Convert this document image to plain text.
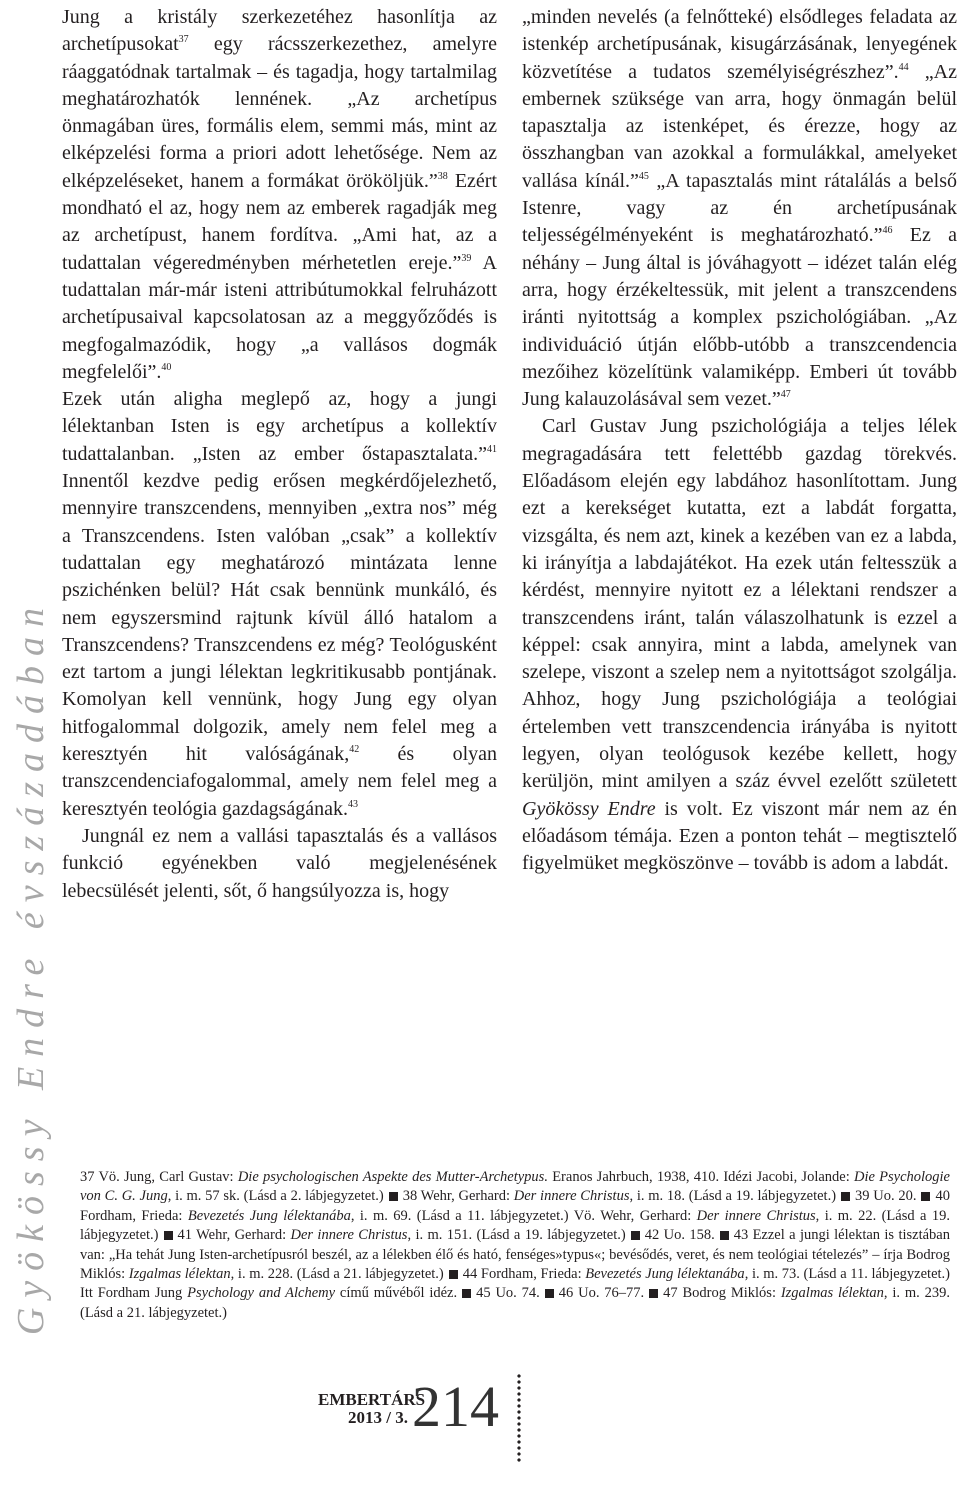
Gyökössy Endre évszázadában

Jung a kristály szerkezetéhez hasonlítja az archetípusokat$^{37}$ egy rácsszerkezethez, amelyre ráaggatódnak tartalmak – és tagadja, hogy tartalmilag meghatározhatók lennének. „Az archetípus önmagában üres, formális elem, semmi más, mint az elképzelési forma a priori adott lehetősége. Nem az elképzeléseket, hanem a formákat örököljük.”$^{38}$ Ezért mondható el az, hogy nem az emberek ragadják meg az archetípust, hanem fordítva. „Ami hat, az a tudattalan végeredményben mérhetetlen ereje.”$^{39}$ A tudattalan már-már isteni attribútumokkal felruházott archetípusaival kapcsolatosan az a meggyőződés is megfogalmazódik, hogy „a vallásos dogmák megfelelői”.$^{40}$

Ezek után aligha meglepő az, hogy a jungi lélektanban Isten is egy archetípus a kollektív tudattalanban. „Isten az ember őstapasztalata.”$^{41}$ Innentől kezdve pedig erősen megkérdőjelezhető, mennyire transzcendens, mennyiben „extra nos” még a Transzcendens. Isten valóban „csak” a kollektív tudattalan egy meghatározó mintázata lenne pszichénken belül? Hát csak bennünk munkáló, és nem egyszersmind rajtunk kívül álló hatalom a Transzcendens? Transzcendens ez még? Teológusként ezt tartom a jungi lélektan legkritikusabb pontjának. Komolyan kell vennünk, hogy Jung egy olyan hitfogalommal dolgozik, amely nem felel meg a keresztyén hit valóságának,$^{42}$ és olyan transzcendenciafogalommal, amely nem felel meg a keresztyén teológia gazdagságának.$^{43}$

Jungnál ez nem a vallási tapasztalás és a vallásos funkció egyénekben való megjelenésének lebecsülését jelenti, sőt, ő hangsúlyozza is, hogy

„minden nevelés (a felnőtteké) elsődleges feladata az istenkép archetípusának, kisugárzásának, lenyegének közvetítése a tudatos személyiségrészhez”.$^{44}$ „Az embernek szüksége van arra, hogy önmagán belül tapasztalja az istenképet, és érezze, hogy az összhangban van azokkal a formulákkal, amelyeket vallása kínál.”$^{45}$ „A tapasztalás mint rátalálás a belső Istenre, vagy az én archetípusának teljességélményeként is meghatározható.”$^{46}$ Ez a néhány – Jung által is jóváhagyott – idézet talán elég arra, hogy érzékeltessük, mit jelent a transzcendens iránti nyitottság a komplex pszichológiában. „Az individuáció útján előbb-utóbb a transzcendencia mezőihez közelítünk valamiképp. Emberi út tovább Jung kalauzolásával sem vezet.”$^{47}$

Carl Gustav Jung pszichológiája a teljes lélek megragadására tett felettébb gazdag törekvés. Előadásom elején egy labdához hasonlítottam. Jung ezt a kerekséget kutatta, ezt a labdát forgatta, vizsgálta, és nem azt, kinek a kezében van ez a labda, ki irányítja a labdajátékot. Ha ezek után feltesszük a kérdést, mennyire nyitott ez a lélektani rendszer a transzcendens iránt, talán válaszolhatunk is ezzel a képpel: csak annyira, mint a labda, amelynek van szelepe, viszont a szelep nem a nyitottságot szolgálja. Ahhoz, hogy Jung pszichológiája a teológiai értelemben vett transzcendencia irányába is nyitott legyen, olyan teológusok kezébe kellett, hogy kerüljön, mint amilyen a száz évvel ezelőtt született Gyökössy Endre is volt. Ez viszont már nem az én előadásom témája. Ezen a ponton tehát – megtisztelő figyelmüket megköszönve – tovább is adom a labdát.

37 Vö. Jung, Carl Gustav: Die psychologischen Aspekte des Mutter-Archetypus. Eranos Jahrbuch, 1938, 410. Idézi Jacobi, Jolande: Die Psychologie von C. G. Jung, i. m. 57 sk. (Lásd a 2. lábjegyzetet.) 38 Wehr, Gerhard: Der innere Christus, i. m. 18. (Lásd a 19. lábjegyzetet.) 39 Uo. 20. 40 Fordham, Frieda: Bevezetés Jung lélektanába, i. m. 69. (Lásd a 11. lábjegyzetet.) Vö. Wehr, Gerhard: Der innere Christus, i. m. 22. (Lásd a 19. lábjegyzetet.) 41 Wehr, Gerhard: Der innere Christus, i. m. 151. (Lásd a 19. lábjegyzetet.) 42 Uo. 158. 43 Ezzel a jungi lélektan is tisztában van: „Ha tehát Jung Isten-archetípusról beszél, az a lélekben élő és ható, fenséges»typus«; bevésődés, veret, és nem teológiai tételezés” – írja Bodrog Miklós: Izgalmas lélektan, i. m. 228. (Lásd a 21. lábjegyzetet.) 44 Fordham, Frieda: Bevezetés Jung lélektanába, i. m. 73. (Lásd a 11. lábjegyzetet.) Itt Fordham Jung Psychology and Alchemy című művéből idéz. 45 Uo. 74. 46 Uo. 76–77. 47 Bodrog Miklós: Izgalmas lélektan, i. m. 239. (Lásd a 21. lábjegyzetet.)
EMBERTÁRS
2013 / 3. 214
